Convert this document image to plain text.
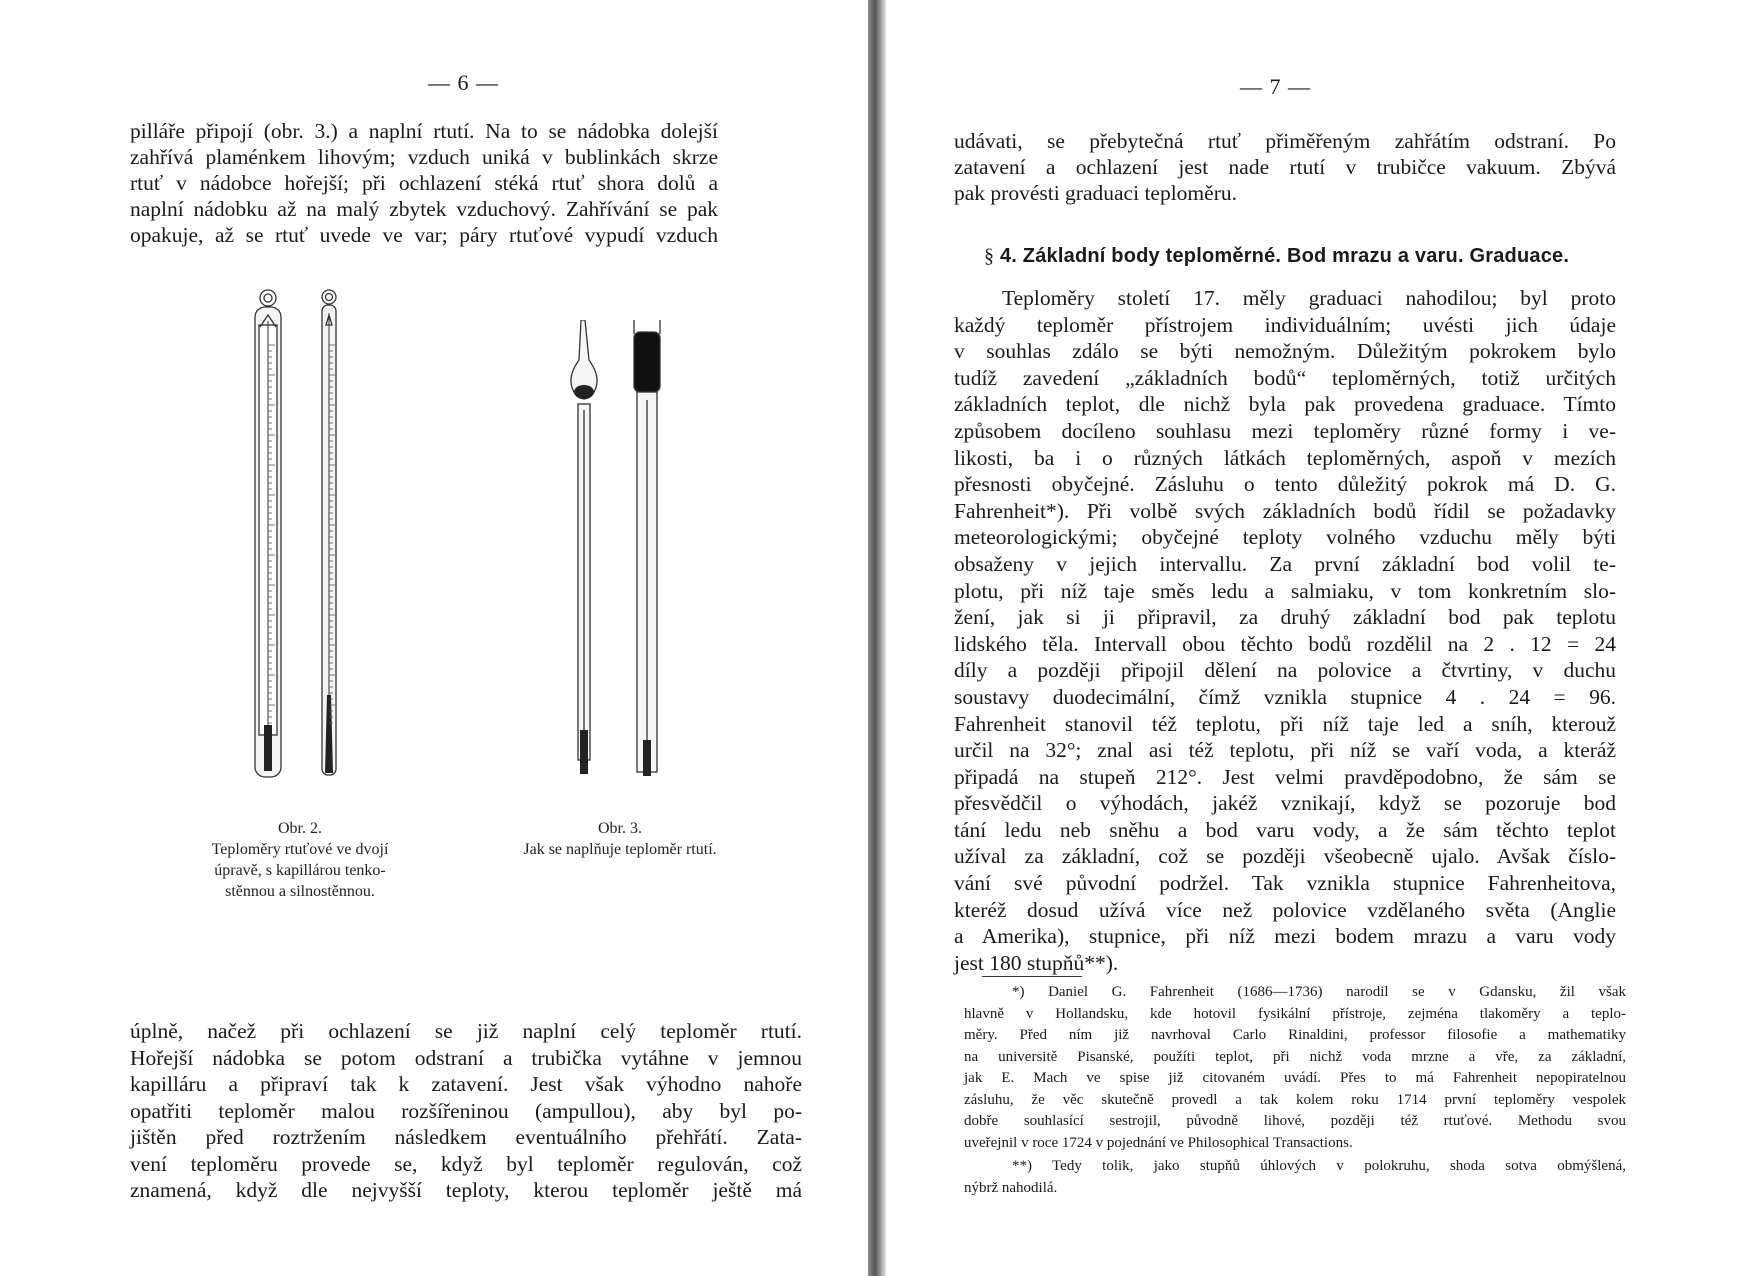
— 6 —
pilláře připojí (obr. 3.) a naplní rtutí. Na to se nádobka dolejší
zahřívá plaménkem lihovým; vzduch uniká v bublinkách skrze
rtuť v nádobce hořejší; při ochlazení stéká rtuť shora dolů a
naplní nádobku až na malý zbytek vzduchový. Zahřívání se pak
opakuje, až se rtuť uvede ve var; páry rtuťové vypudí vzduch
Obr. 2.
Teploměry rtuťové ve dvojí
úpravě, s kapillárou tenko-
stěnnou a silnostěnnou.
Obr. 3.
Jak se naplňuje teploměr rtutí.
úplně, načež při ochlazení se již naplní celý teploměr rtutí.
Hořejší nádobka se potom odstraní a trubička vytáhne v jemnou
kapilláru a připraví tak k zatavení. Jest však výhodno nahoře
opatřiti teploměr malou rozšířeninou (ampullou), aby byl po-
jištěn před roztržením následkem eventuálního přehřátí. Zata-
vení teploměru provede se, když byl teploměr regulován, což
znamená, když dle nejvyšší teploty, kterou teploměr ještě má
— 7 —
udávati, se přebytečná rtuť přiměřeným zahřátím odstraní. Po
zatavení a ochlazení jest nade rtutí v trubičce vakuum. Zbývá
pak provésti graduaci teploměru.
§ 4. Základní body teploměrné. Bod mrazu a varu. Graduace.
Teploměry století 17. měly graduaci nahodilou; byl proto
každý teploměr přístrojem individuálním; uvésti jich údaje
v souhlas zdálo se býti nemožným. Důležitým pokrokem bylo
tudíž zavedení „základních bodů“ teploměrných, totiž určitých
základních teplot, dle nichž byla pak provedena graduace. Tímto
způsobem docíleno souhlasu mezi teploměry různé formy i ve-
likosti, ba i o různých látkách teploměrných, aspoň v mezích
přesnosti obyčejné. Zásluhu o tento důležitý pokrok má D. G.
Fahrenheit*). Při volbě svých základních bodů řídil se požadavky
meteorologickými; obyčejné teploty volného vzduchu měly býti
obsaženy v jejich intervallu. Za první základní bod volil te-
plotu, při níž taje směs ledu a salmiaku, v tom konkretním slo-
žení, jak si ji připravil, za druhý základní bod pak teplotu
lidského těla. Intervall obou těchto bodů rozdělil na 2 . 12 = 24
díly a později připojil dělení na polovice a čtvrtiny, v duchu
soustavy duodecimální, čímž vznikla stupnice 4 . 24 = 96.
Fahrenheit stanovil též teplotu, při níž taje led a sníh, kterouž
určil na 32°; znal asi též teplotu, při níž se vaří voda, a kteráž
připadá na stupeň 212°. Jest velmi pravděpodobno, že sám se
přesvědčil o výhodách, jakéž vznikají, když se pozoruje bod
tání ledu neb sněhu a bod varu vody, a že sám těchto teplot
užíval za základní, což se později všeobecně ujalo. Avšak číslo-
vání své původní podržel. Tak vznikla stupnice Fahrenheitova,
kteréž dosud užívá více než polovice vzdělaného světa (Anglie
a Amerika), stupnice, při níž mezi bodem mrazu a varu vody
jest 180 stupňů**).
*) Daniel G. Fahrenheit (1686—1736) narodil se v Gdansku, žil však
hlavně v Hollandsku, kde hotovil fysikální přístroje, zejména tlakoměry a teplo-
měry. Před ním již navrhoval Carlo Rinaldini, professor filosofie a mathematiky
na universitě Pisanské, použíti teplot, při nichž voda mrzne a vře, za základní,
jak E. Mach ve spise již citovaném uvádí. Přes to má Fahrenheit nepopiratelnou
zásluhu, že věc skutečně provedl a tak kolem roku 1714 první teploměry vespolek
dobře souhlasící sestrojil, původně lihové, později též rtuťové. Methodu svou
uveřejnil v roce 1724 v pojednání ve Philosophical Transactions.
**) Tedy tolik, jako stupňů úhlových v polokruhu, shoda sotva obmýšlená,
nýbrž nahodilá.
